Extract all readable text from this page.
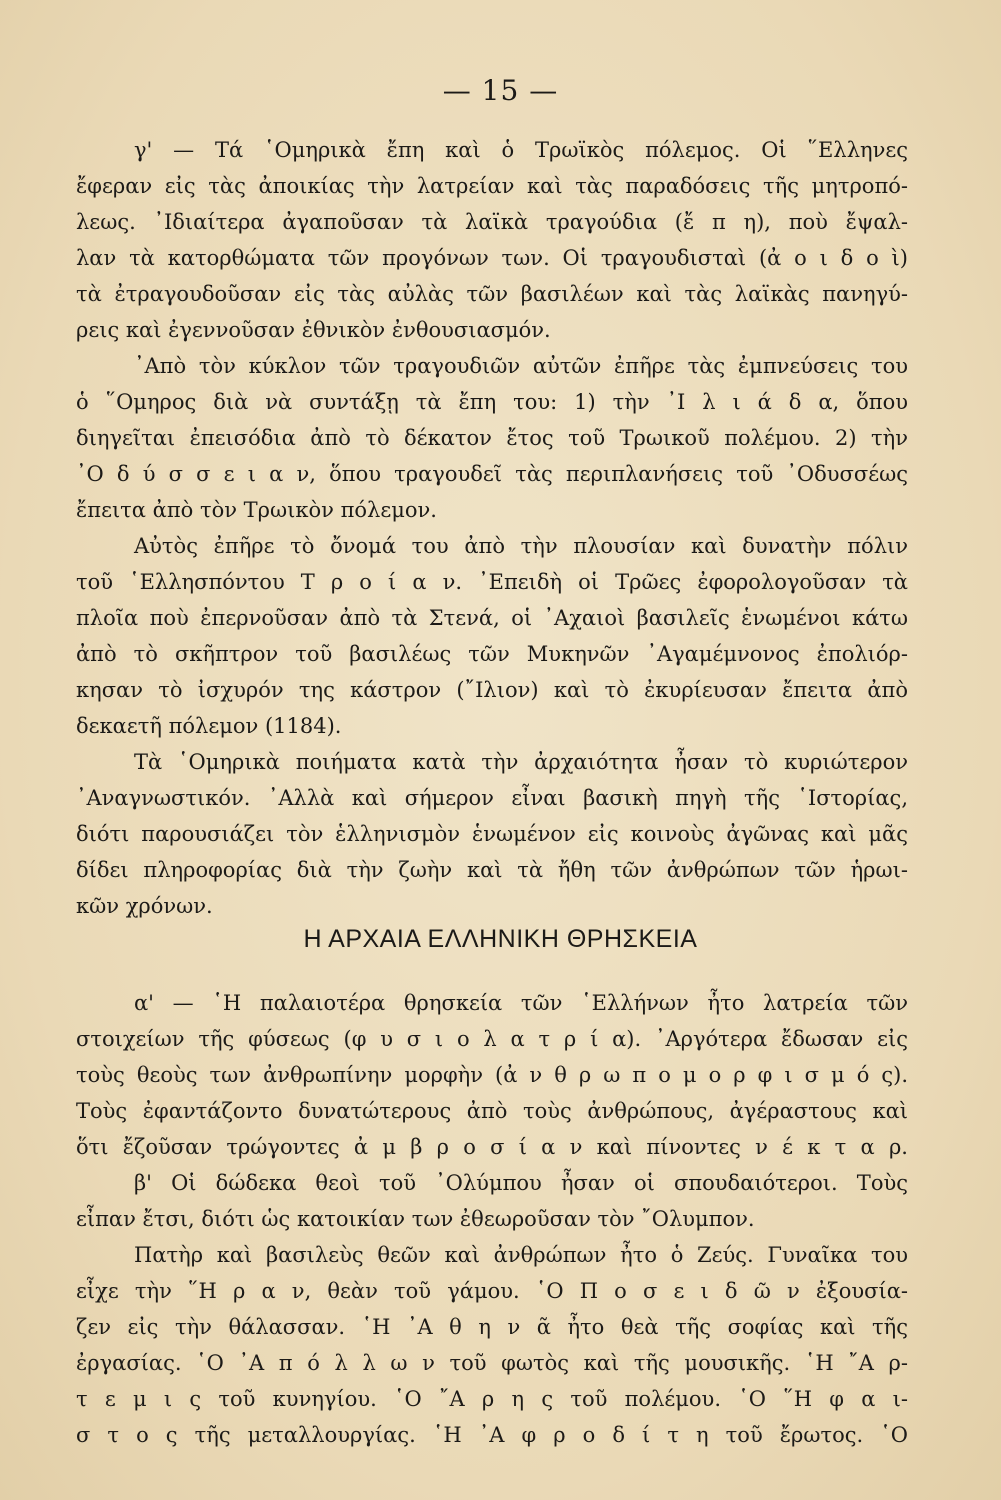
— 15 —
γ' — Τά ῾Ομηρικὰ ἔπη καὶ ὁ Τρωϊκὸς πόλεμος. Οἱ ῞Ελληνες
ἔφεραν εἰς τὰς ἀποικίας τὴν λατρείαν καὶ τὰς παραδόσεις τῆς μητροπό-
λεως. ᾿Ιδιαίτερα ἀγαποῦσαν τὰ λαϊκὰ τραγούδια (ἔ π η), ποὺ ἔψαλ-
λαν τὰ κατορθώματα τῶν προγόνων των. Οἱ τραγουδισταὶ (ἀ ο ι δ ο ὶ)
τὰ ἐτραγουδοῦσαν εἰς τὰς αὐλὰς τῶν βασιλέων καὶ τὰς λαϊκὰς πανηγύ-
ρεις καὶ ἐγεννοῦσαν ἐθνικὸν ἐνθουσιασμόν.
᾿Απὸ τὸν κύκλον τῶν τραγουδιῶν αὐτῶν ἐπῆρε τὰς ἐμπνεύσεις του
ὁ ῞Ομηρος διὰ νὰ συντάξῃ τὰ ἔπη του: 1) τὴν ᾿Ι λ ι ά δ α, ὅπου
διηγεῖται ἐπεισόδια ἀπὸ τὸ δέκατον ἔτος τοῦ Τρωικοῦ πολέμου. 2) τὴν
᾿Ο δ ύ σ σ ε ι α ν, ὅπου τραγουδεῖ τὰς περιπλανήσεις τοῦ ᾿Οδυσσέως
ἔπειτα ἀπὸ τὸν Τρωικὸν πόλεμον.
Αὐτὸς ἐπῆρε τὸ ὄνομά του ἀπὸ τὴν πλουσίαν καὶ δυνατὴν πόλιν
τοῦ ῾Ελλησπόντου Τ ρ ο ί α ν. ᾿Επειδὴ οἱ Τρῶες ἐφορολογοῦσαν τὰ
πλοῖα ποὺ ἐπερνοῦσαν ἀπὸ τὰ Στενά, οἱ ᾿Αχαιοὶ βασιλεῖς ἑνωμένοι κάτω
ἀπὸ τὸ σκῆπτρον τοῦ βασιλέως τῶν Μυκηνῶν ᾿Αγαμέμνονος ἐπολιόρ-
κησαν τὸ ἰσχυρόν της κάστρον (῎Ιλιον) καὶ τὸ ἐκυρίευσαν ἔπειτα ἀπὸ
δεκαετῆ πόλεμον (1184).
Τὰ ῾Ομηρικὰ ποιήματα κατὰ τὴν ἀρχαιότητα ἦσαν τὸ κυριώτερον
᾿Αναγνωστικόν. ᾿Αλλὰ καὶ σήμερον εἶναι βασικὴ πηγὴ τῆς ῾Ιστορίας,
διότι παρουσιάζει τὸν ἑλληνισμὸν ἑνωμένον εἰς κοινοὺς ἀγῶνας καὶ μᾶς
δίδει πληροφορίας διὰ τὴν ζωὴν καὶ τὰ ἤθη τῶν ἀνθρώπων τῶν ἡρωι-
κῶν χρόνων.
Η ΑΡΧΑΙΑ ΕΛΛΗΝΙΚΗ ΘΡΗΣΚΕΙΑ
α' — ῾Η παλαιοτέρα θρησκεία τῶν ῾Ελλήνων ἦτο λατρεία τῶν
στοιχείων τῆς φύσεως (φ υ σ ι ο λ α τ ρ ί α). ᾿Αργότερα ἔδωσαν εἰς
τοὺς θεοὺς των ἀνθρωπίνην μορφὴν (ἀ ν θ ρ ω π ο μ ο ρ φ ι σ μ ό ς).
Τοὺς ἐφαντάζοντο δυνατώτερους ἀπὸ τοὺς ἀνθρώπους, ἀγέραστους καὶ
ὅτι ἔζοῦσαν τρώγοντες ἀ μ β ρ ο σ ί α ν καὶ πίνοντες ν έ κ τ α ρ.
β' Οἱ δώδεκα θεοὶ τοῦ ᾿Ολύμπου ἦσαν οἱ σπουδαιότεροι. Τοὺς
εἶπαν ἔτσι, διότι ὡς κατοικίαν των ἐθεωροῦσαν τὸν ῎Ολυμπον.
Πατὴρ καὶ βασιλεὺς θεῶν καὶ ἀνθρώπων ἦτο ὁ Ζεύς. Γυναῖκα του
εἶχε τὴν ῞Η ρ α ν, θεὰν τοῦ γάμου. ῾Ο Π ο σ ε ι δ ῶ ν ἐξουσία-
ζεν εἰς τὴν θάλασσαν. ῾Η ᾿Α θ η ν ᾶ ἦτο θεὰ τῆς σοφίας καὶ τῆς
ἐργασίας. ῾Ο ᾿Α π ό λ λ ω ν τοῦ φωτὸς καὶ τῆς μουσικῆς. ῾Η ῎Α ρ-
τ ε μ ι ς τοῦ κυνηγίου. ῾Ο ῎Α ρ η ς τοῦ πολέμου. ῾Ο ῞Η φ α ι-
σ τ ο ς τῆς μεταλλουργίας. ῾Η ᾿Α φ ρ ο δ ί τ η τοῦ ἔρωτος. ῾Ο
